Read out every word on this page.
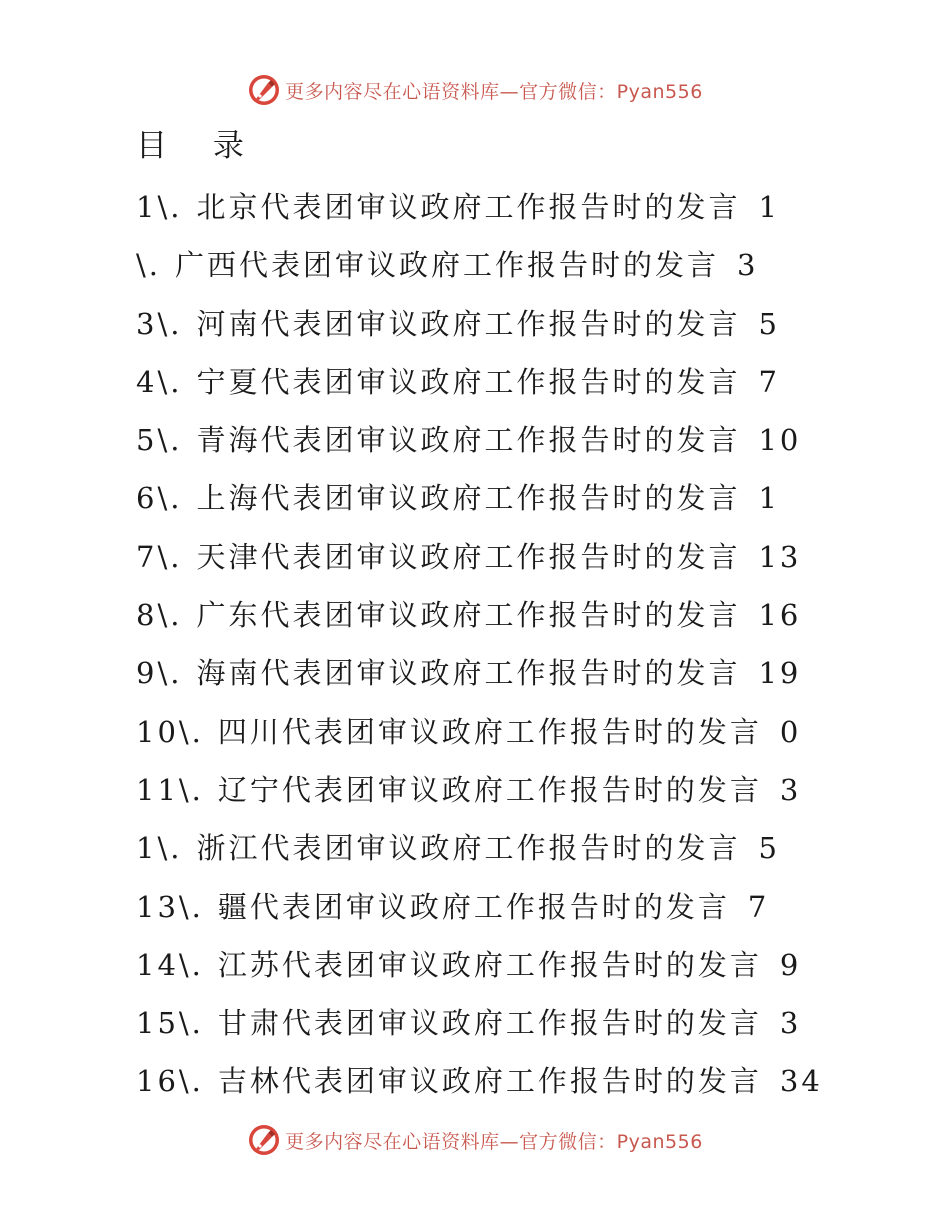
更多内容尽在心语资料库—官方微信：Pyan556
目 录
1\. 北京代表团审议政府工作报告时的发言 1
\. 广西代表团审议政府工作报告时的发言 3
3\. 河南代表团审议政府工作报告时的发言 5
4\. 宁夏代表团审议政府工作报告时的发言 7
5\. 青海代表团审议政府工作报告时的发言 10
6\. 上海代表团审议政府工作报告时的发言 1
7\. 天津代表团审议政府工作报告时的发言 13
8\. 广东代表团审议政府工作报告时的发言 16
9\. 海南代表团审议政府工作报告时的发言 19
10\. 四川代表团审议政府工作报告时的发言 0
11\. 辽宁代表团审议政府工作报告时的发言 3
1\. 浙江代表团审议政府工作报告时的发言 5
13\. 疆代表团审议政府工作报告时的发言 7
14\. 江苏代表团审议政府工作报告时的发言 9
15\. 甘肃代表团审议政府工作报告时的发言 3
16\. 吉林代表团审议政府工作报告时的发言 34
更多内容尽在心语资料库—官方微信：Pyan556
